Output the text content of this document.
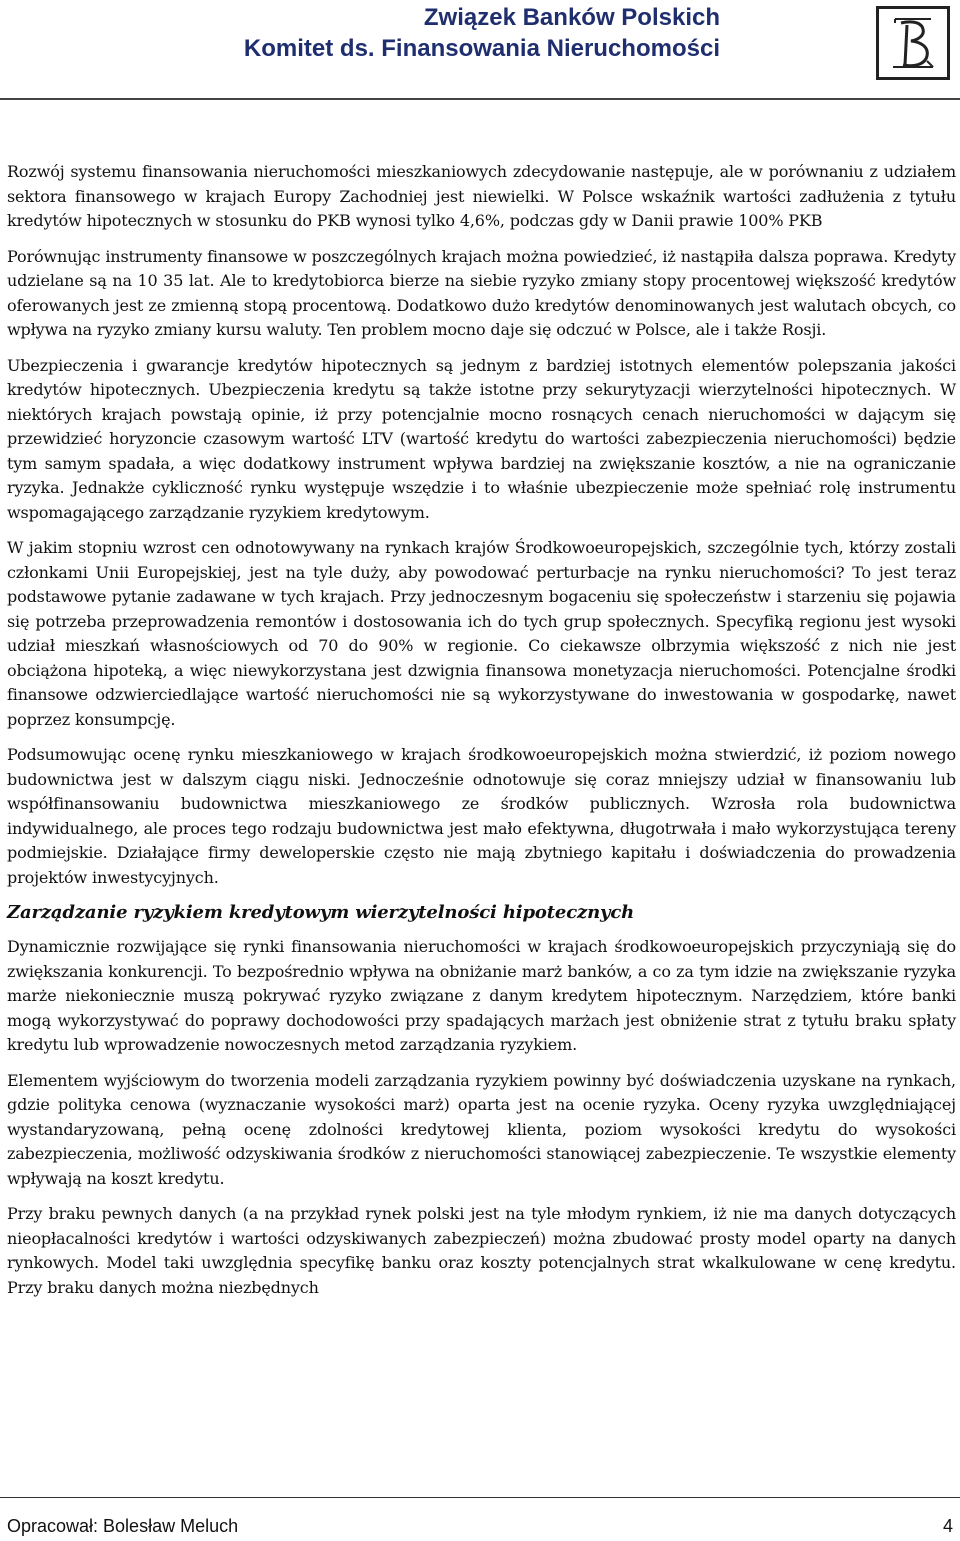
Związek Banków Polskich
Komitet ds. Finansowania Nieruchomości

Rozwój systemu finansowania nieruchomości mieszkaniowych zdecydowanie następuje, ale w porównaniu z udziałem sektora finansowego w krajach Europy Zachodniej jest niewielki. W Polsce wskaźnik wartości zadłużenia z tytułu kredytów hipotecznych w stosunku do PKB wynosi tylko 4,6%, podczas gdy w Danii prawie 100% PKB

Porównując instrumenty finansowe w poszczególnych krajach można powiedzieć, iż nastąpiła dalsza poprawa. Kredyty udzielane są na 10 35 lat. Ale to kredytobiorca bierze na siebie ryzyko zmiany stopy procentowej większość kredytów oferowanych jest ze zmienną stopą procentową. Dodatkowo dużo kredytów denominowanych jest walutach obcych, co wpływa na ryzyko zmiany kursu waluty. Ten problem mocno daje się odczuć w Polsce, ale i także Rosji.

Ubezpieczenia i gwarancje kredytów hipotecznych są jednym z bardziej istotnych elementów polepszania jakości kredytów hipotecznych. Ubezpieczenia kredytu są także istotne przy sekurytyzacji wierzytelności hipotecznych. W niektórych krajach powstają opinie, iż przy potencjalnie mocno rosnących cenach nieruchomości w dającym się przewidzieć horyzoncie czasowym wartość LTV (wartość kredytu do wartości zabezpieczenia nieruchomości) będzie tym samym spadała, a więc dodatkowy instrument wpływa bardziej na zwiększanie kosztów, a nie na ograniczanie ryzyka. Jednakże cykliczność rynku występuje wszędzie i to właśnie ubezpieczenie może spełniać rolę instrumentu wspomagającego zarządzanie ryzykiem kredytowym.

W jakim stopniu wzrost cen odnotowywany na rynkach krajów Środkowoeuropejskich, szczególnie tych, którzy zostali członkami Unii Europejskiej, jest na tyle duży, aby powodować perturbacje na rynku nieruchomości? To jest teraz podstawowe pytanie zadawane w tych krajach. Przy jednoczesnym bogaceniu się społeczeństw i starzeniu się pojawia się potrzeba przeprowadzenia remontów i dostosowania ich do tych grup społecznych. Specyfiką regionu jest wysoki udział mieszkań własnościowych od 70 do 90% w regionie. Co ciekawsze olbrzymia większość z nich nie jest obciążona hipoteką, a więc niewykorzystana jest dzwignia finansowa monetyzacja nieruchomości. Potencjalne środki finansowe odzwierciedlające wartość nieruchomości nie są wykorzystywane do inwestowania w gospodarkę, nawet poprzez konsumpcję.

Podsumowując ocenę rynku mieszkaniowego w krajach środkowoeuropejskich można stwierdzić, iż poziom nowego budownictwa jest w dalszym ciągu niski. Jednocześnie odnotowuje się coraz mniejszy udział w finansowaniu lub współfinansowaniu budownictwa mieszkaniowego ze środków publicznych. Wzrosła rola budownictwa indywidualnego, ale proces tego rodzaju budownictwa jest mało efektywna, długotrwała i mało wykorzystująca tereny podmiejskie. Działające firmy deweloperskie często nie mają zbytniego kapitału i doświadczenia do prowadzenia projektów inwestycyjnych.

Zarządzanie ryzykiem kredytowym wierzytelności hipotecznych

Dynamicznie rozwijające się rynki finansowania nieruchomości w krajach środkowoeuropejskich przyczyniają się do zwiększania konkurencji. To bezpośrednio wpływa na obniżanie marż banków, a co za tym idzie na zwiększanie ryzyka marże niekoniecznie muszą pokrywać ryzyko związane z danym kredytem hipotecznym. Narzędziem, które banki mogą wykorzystywać do poprawy dochodowości przy spadających marżach jest obniżenie strat z tytułu braku spłaty kredytu lub wprowadzenie nowoczesnych metod zarządzania ryzykiem.

Elementem wyjściowym do tworzenia modeli zarządzania ryzykiem powinny być doświadczenia uzyskane na rynkach, gdzie polityka cenowa (wyznaczanie wysokości marż) oparta jest na ocenie ryzyka. Oceny ryzyka uwzględniającej wystandaryzowaną, pełną ocenę zdolności kredytowej klienta, poziom wysokości kredytu do wysokości zabezpieczenia, możliwość odzyskiwania środków z nieruchomości stanowiącej zabezpieczenie. Te wszystkie elementy wpływają na koszt kredytu.

Przy braku pewnych danych (a na przykład rynek polski jest na tyle młodym rynkiem, iż nie ma danych dotyczących nieopłacalności kredytów i wartości odzyskiwanych zabezpieczeń) można zbudować prosty model oparty na danych rynkowych. Model taki uwzględnia specyfikę banku oraz koszty potencjalnych strat wkalkulowane w cenę kredytu. Przy braku danych można niezbędnych

Opracował: Bolesław Meluch	4
